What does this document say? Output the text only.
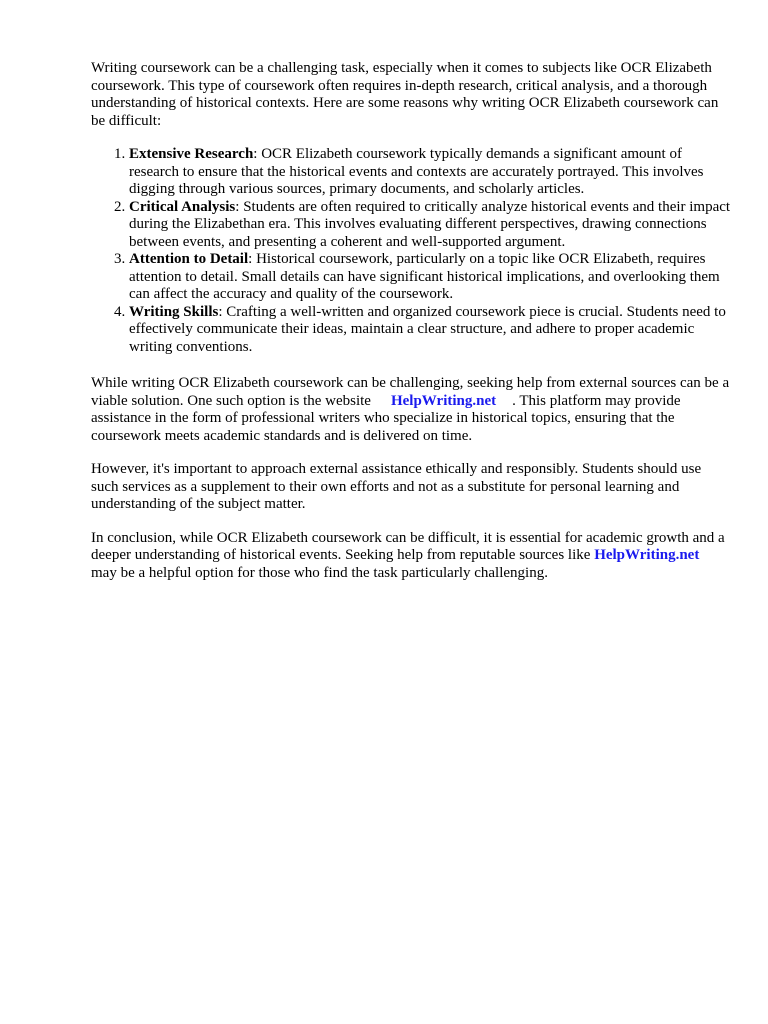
Writing coursework can be a challenging task, especially when it comes to subjects like OCR Elizabeth coursework. This type of coursework often requires in-depth research, critical analysis, and a thorough understanding of historical contexts. Here are some reasons why writing OCR Elizabeth coursework can be difficult:

1. Extensive Research: OCR Elizabeth coursework typically demands a significant amount of research to ensure that the historical events and contexts are accurately portrayed. This involves digging through various sources, primary documents, and scholarly articles.
2. Critical Analysis: Students are often required to critically analyze historical events and their impact during the Elizabethan era. This involves evaluating different perspectives, drawing connections between events, and presenting a coherent and well-supported argument.
3. Attention to Detail: Historical coursework, particularly on a topic like OCR Elizabeth, requires attention to detail. Small details can have significant historical implications, and overlooking them can affect the accuracy and quality of the coursework.
4. Writing Skills: Crafting a well-written and organized coursework piece is crucial. Students need to effectively communicate their ideas, maintain a clear structure, and adhere to proper academic writing conventions.

While writing OCR Elizabeth coursework can be challenging, seeking help from external sources can be a viable solution. One such option is the website HelpWriting.net . This platform may provide assistance in the form of professional writers who specialize in historical topics, ensuring that the coursework meets academic standards and is delivered on time.

However, it's important to approach external assistance ethically and responsibly. Students should use such services as a supplement to their own efforts and not as a substitute for personal learning and understanding of the subject matter.

In conclusion, while OCR Elizabeth coursework can be difficult, it is essential for academic growth and a deeper understanding of historical events. Seeking help from reputable sources like HelpWriting.netmay be a helpful option for those who find the task particularly challenging.
